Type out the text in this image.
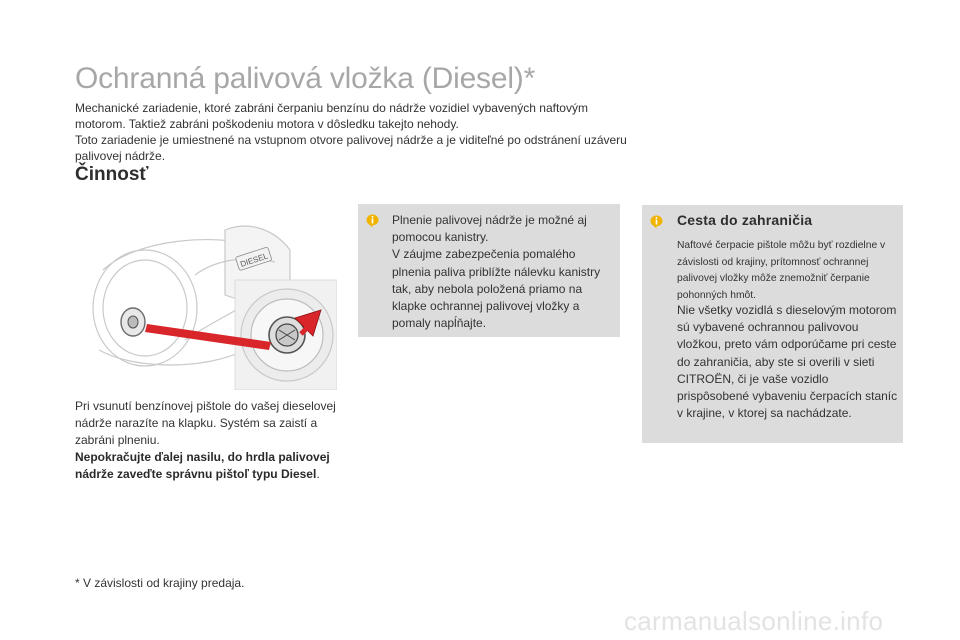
Ochranná palivová vložka (Diesel)*

Mechanické zariadenie, ktoré zabráni čerpaniu benzínu do nádrže vozidiel vybavených naftovým motorom. Taktiež zabráni poškodeniu motora v dôsledku takejto nehody.

Toto zariadenie je umiestnené na vstupnom otvore palivovej nádrže a je viditeľné po odstránení uzáveru palivovej nádrže.

Činnosť
DIESEL

Pri vsunutí benzínovej pištole do vašej dieselovej nádrže narazíte na klapku. Systém sa zaistí a zabráni plneniu.
Nepokračujte ďalej nasilu, do hrdla palivovej nádrže zaveďte správnu pištoľ typu Diesel.

Plnenie palivovej nádrže je možné aj pomocou kanistry.

V záujme zabezpečenia pomalého plnenia paliva priblížte nálevku kanistry tak, aby nebola položená priamo na klapke ochrannej palivovej vložky a pomaly napĺňajte.

Cesta do zahraničia
Naftové čerpacie pištole môžu byť rozdielne v závislosti od krajiny, prítomnosť ochrannej palivovej vložky môže znemožniť čerpanie pohonných hmôt.
Nie všetky vozidlá s dieselovým motorom sú vybavené ochrannou palivovou vložkou, preto vám odporúčame pri ceste do zahraničia, aby ste si overili v sieti CITROËN, či je vaše vozidlo prispôsobené vybaveniu čerpacích staníc v krajine, v ktorej sa nachádzate.

* V závislosti od krajiny predaja.

carmanualsonline.info
